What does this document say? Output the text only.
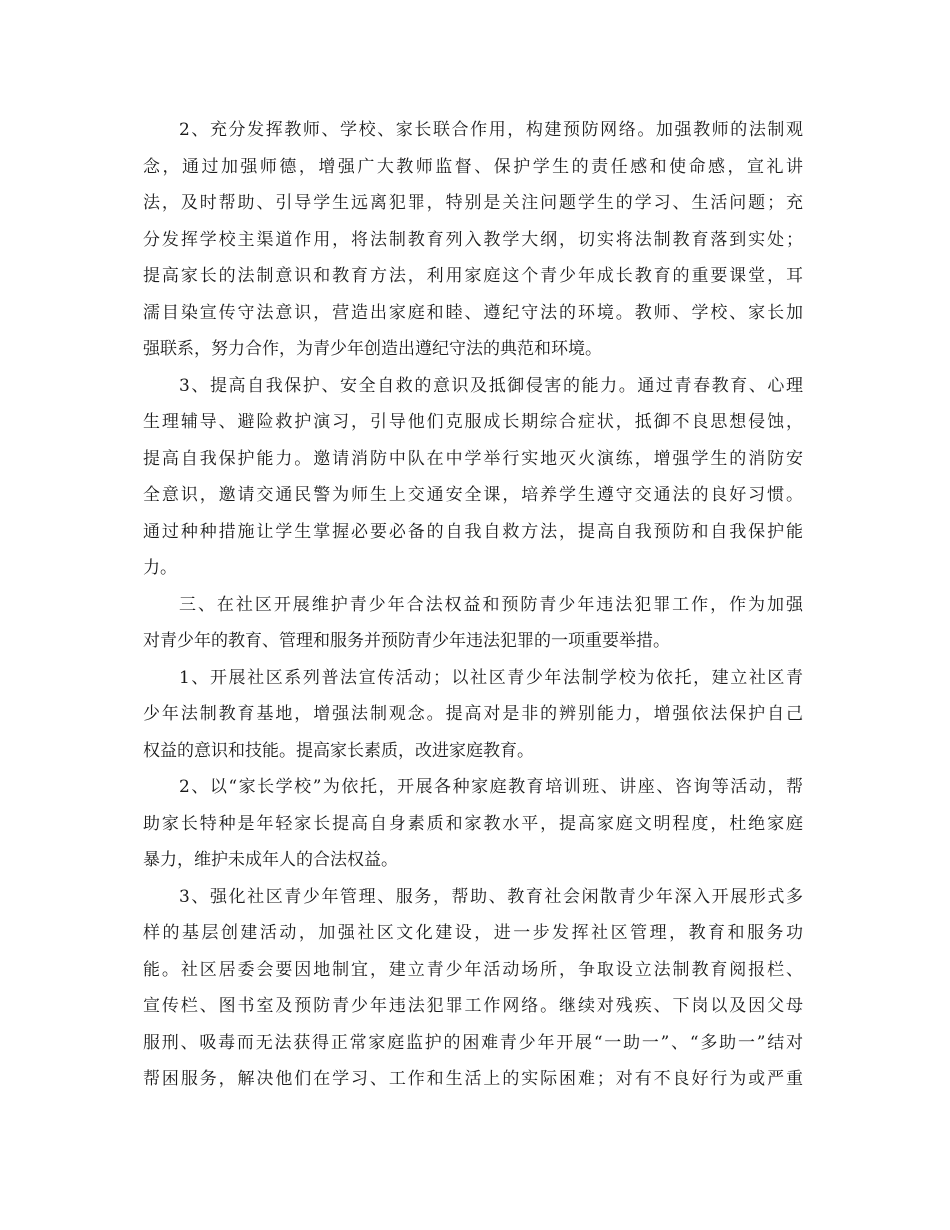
2、充分发挥教师、学校、家长联合作用，构建预防网络。加强教师的法制观
念，通过加强师德，增强广大教师监督、保护学生的责任感和使命感，宣礼讲
法，及时帮助、引导学生远离犯罪，特别是关注问题学生的学习、生活问题；充
分发挥学校主渠道作用，将法制教育列入教学大纲，切实将法制教育落到实处；
提高家长的法制意识和教育方法，利用家庭这个青少年成长教育的重要课堂，耳
濡目染宣传守法意识，营造出家庭和睦、遵纪守法的环境。教师、学校、家长加
强联系，努力合作，为青少年创造出遵纪守法的典范和环境。
3、提高自我保护、安全自救的意识及抵御侵害的能力。通过青春教育、心理
生理辅导、避险救护演习，引导他们克服成长期综合症状，抵御不良思想侵蚀，
提高自我保护能力。邀请消防中队在中学举行实地灭火演练，增强学生的消防安
全意识，邀请交通民警为师生上交通安全课，培养学生遵守交通法的良好习惯。
通过种种措施让学生掌握必要必备的自我自救方法，提高自我预防和自我保护能
力。
三、在社区开展维护青少年合法权益和预防青少年违法犯罪工作，作为加强
对青少年的教育、管理和服务并预防青少年违法犯罪的一项重要举措。
1、开展社区系列普法宣传活动；以社区青少年法制学校为依托，建立社区青
少年法制教育基地，增强法制观念。提高对是非的辨别能力，增强依法保护自己
权益的意识和技能。提高家长素质，改进家庭教育。
2、以“家长学校”为依托，开展各种家庭教育培训班、讲座、咨询等活动，帮
助家长特种是年轻家长提高自身素质和家教水平，提高家庭文明程度，杜绝家庭
暴力，维护未成年人的合法权益。
3、强化社区青少年管理、服务，帮助、教育社会闲散青少年深入开展形式多
样的基层创建活动，加强社区文化建设，进一步发挥社区管理，教育和服务功
能。社区居委会要因地制宜，建立青少年活动场所，争取设立法制教育阅报栏、
宣传栏、图书室及预防青少年违法犯罪工作网络。继续对残疾、下岗以及因父母
服刑、吸毒而无法获得正常家庭监护的困难青少年开展“一助一”、“多助一”结对
帮困服务，解决他们在学习、工作和生活上的实际困难；对有不良好行为或严重
